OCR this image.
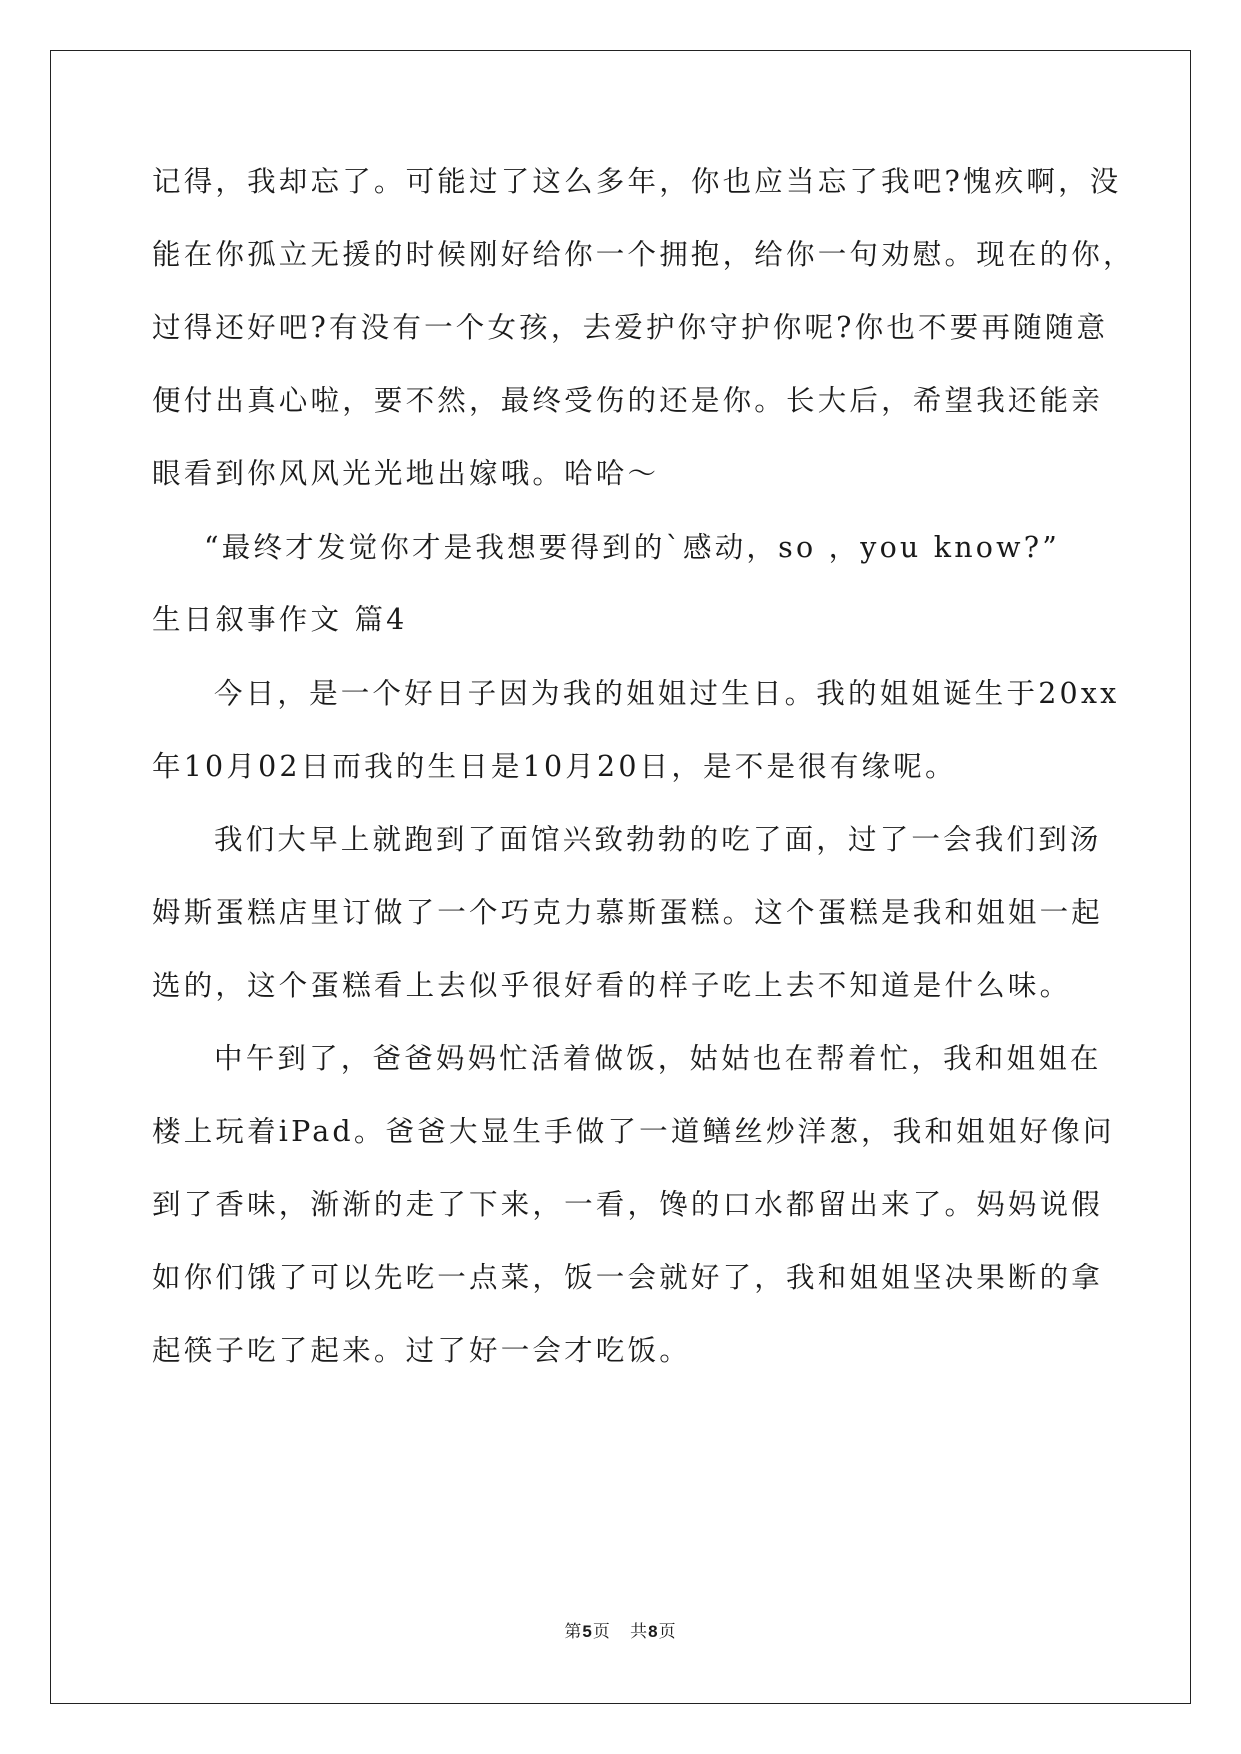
记得，我却忘了。可能过了这么多年，你也应当忘了我吧?愧疚啊，没
能在你孤立无援的时候刚好给你一个拥抱，给你一句劝慰。现在的你，
过得还好吧?有没有一个女孩，去爱护你守护你呢?你也不要再随随意
便付出真心啦，要不然，最终受伤的还是你。长大后，希望我还能亲
眼看到你风风光光地出嫁哦。哈哈～
“最终才发觉你才是我想要得到的`感动，so ，you know?”
生日叙事作文 篇4
今日，是一个好日子因为我的姐姐过生日。我的姐姐诞生于20xx
年10月02日而我的生日是10月20日，是不是很有缘呢。
我们大早上就跑到了面馆兴致勃勃的吃了面，过了一会我们到汤
姆斯蛋糕店里订做了一个巧克力慕斯蛋糕。这个蛋糕是我和姐姐一起
选的，这个蛋糕看上去似乎很好看的样子吃上去不知道是什么味。
中午到了，爸爸妈妈忙活着做饭，姑姑也在帮着忙，我和姐姐在
楼上玩着iPad。爸爸大显生手做了一道鳝丝炒洋葱，我和姐姐好像问
到了香味，渐渐的走了下来，一看，馋的口水都留出来了。妈妈说假
如你们饿了可以先吃一点菜，饭一会就好了，我和姐姐坚决果断的拿
起筷子吃了起来。过了好一会才吃饭。
第5页 共8页
